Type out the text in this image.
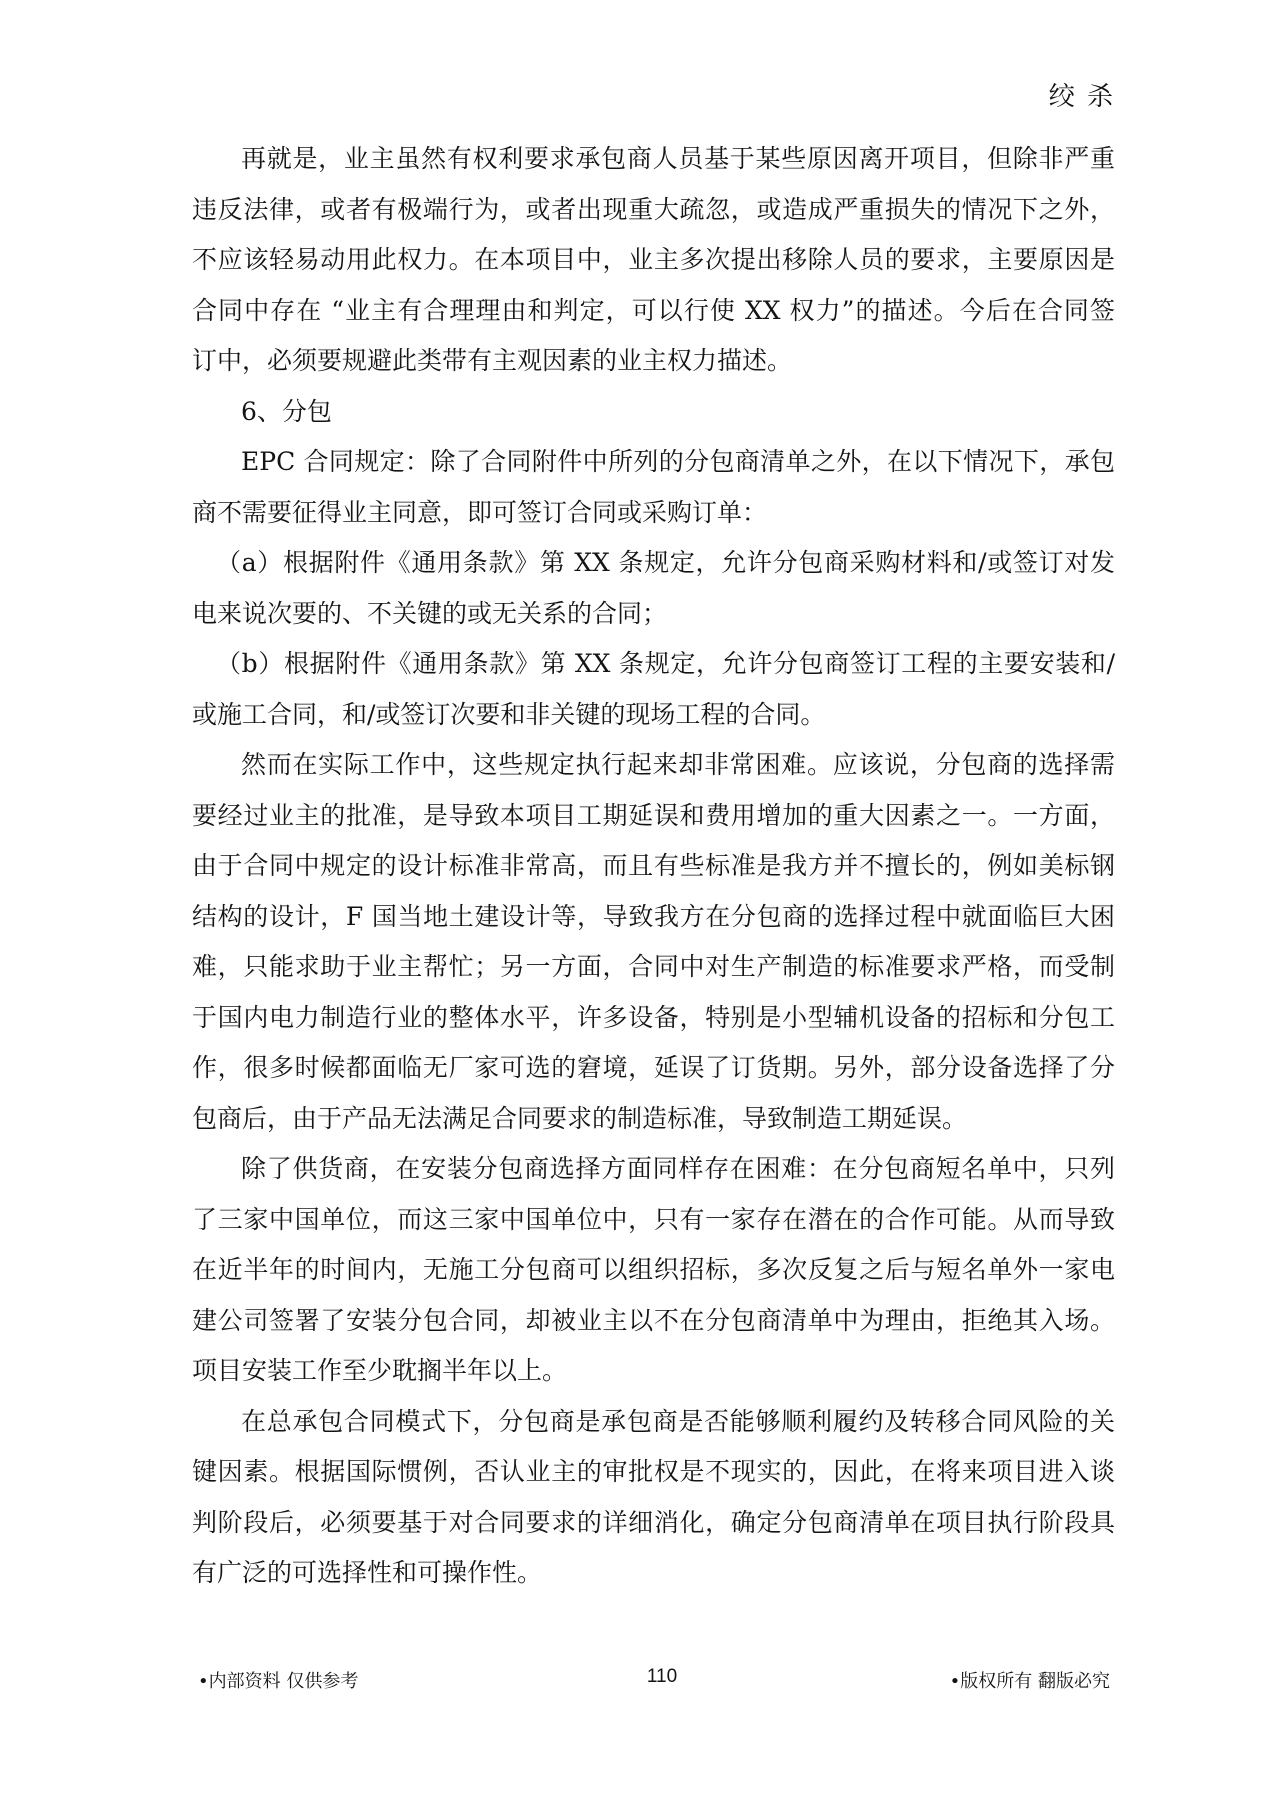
绞 杀

再就是，业主虽然有权利要求承包商人员基于某些原因离开项目，但除非严重
违反法律，或者有极端行为，或者出现重大疏忽，或造成严重损失的情况下之外，
不应该轻易动用此权力。在本项目中，业主多次提出移除人员的要求，主要原因是
合同中存在 “业主有合理理由和判定，可以行使 XX 权力”的描述。今后在合同签
订中，必须要规避此类带有主观因素的业主权力描述。

6、分包

EPC 合同规定：除了合同附件中所列的分包商清单之外，在以下情况下，承包
商不需要征得业主同意，即可签订合同或采购订单：

（a）根据附件《通用条款》第 XX 条规定，允许分包商采购材料和/或签订对发
电来说次要的、不关键的或无关系的合同；

（b）根据附件《通用条款》第 XX 条规定，允许分包商签订工程的主要安装和/
或施工合同，和/或签订次要和非关键的现场工程的合同。

然而在实际工作中，这些规定执行起来却非常困难。应该说，分包商的选择需
要经过业主的批准，是导致本项目工期延误和费用增加的重大因素之一。一方面，
由于合同中规定的设计标准非常高，而且有些标准是我方并不擅长的，例如美标钢
结构的设计，F 国当地土建设计等，导致我方在分包商的选择过程中就面临巨大困
难，只能求助于业主帮忙；另一方面，合同中对生产制造的标准要求严格，而受制
于国内电力制造行业的整体水平，许多设备，特别是小型辅机设备的招标和分包工
作，很多时候都面临无厂家可选的窘境，延误了订货期。另外，部分设备选择了分
包商后，由于产品无法满足合同要求的制造标准，导致制造工期延误。

除了供货商，在安装分包商选择方面同样存在困难：在分包商短名单中，只列
了三家中国单位，而这三家中国单位中，只有一家存在潜在的合作可能。从而导致
在近半年的时间内，无施工分包商可以组织招标，多次反复之后与短名单外一家电
建公司签署了安装分包合同，却被业主以不在分包商清单中为理由，拒绝其入场。
项目安装工作至少耽搁半年以上。

在总承包合同模式下，分包商是承包商是否能够顺利履约及转移合同风险的关
键因素。根据国际惯例，否认业主的审批权是不现实的，因此，在将来项目进入谈
判阶段后，必须要基于对合同要求的详细消化，确定分包商清单在项目执行阶段具
有广泛的可选择性和可操作性。

•内部资料 仅供参考	110	•版权所有 翻版必究
